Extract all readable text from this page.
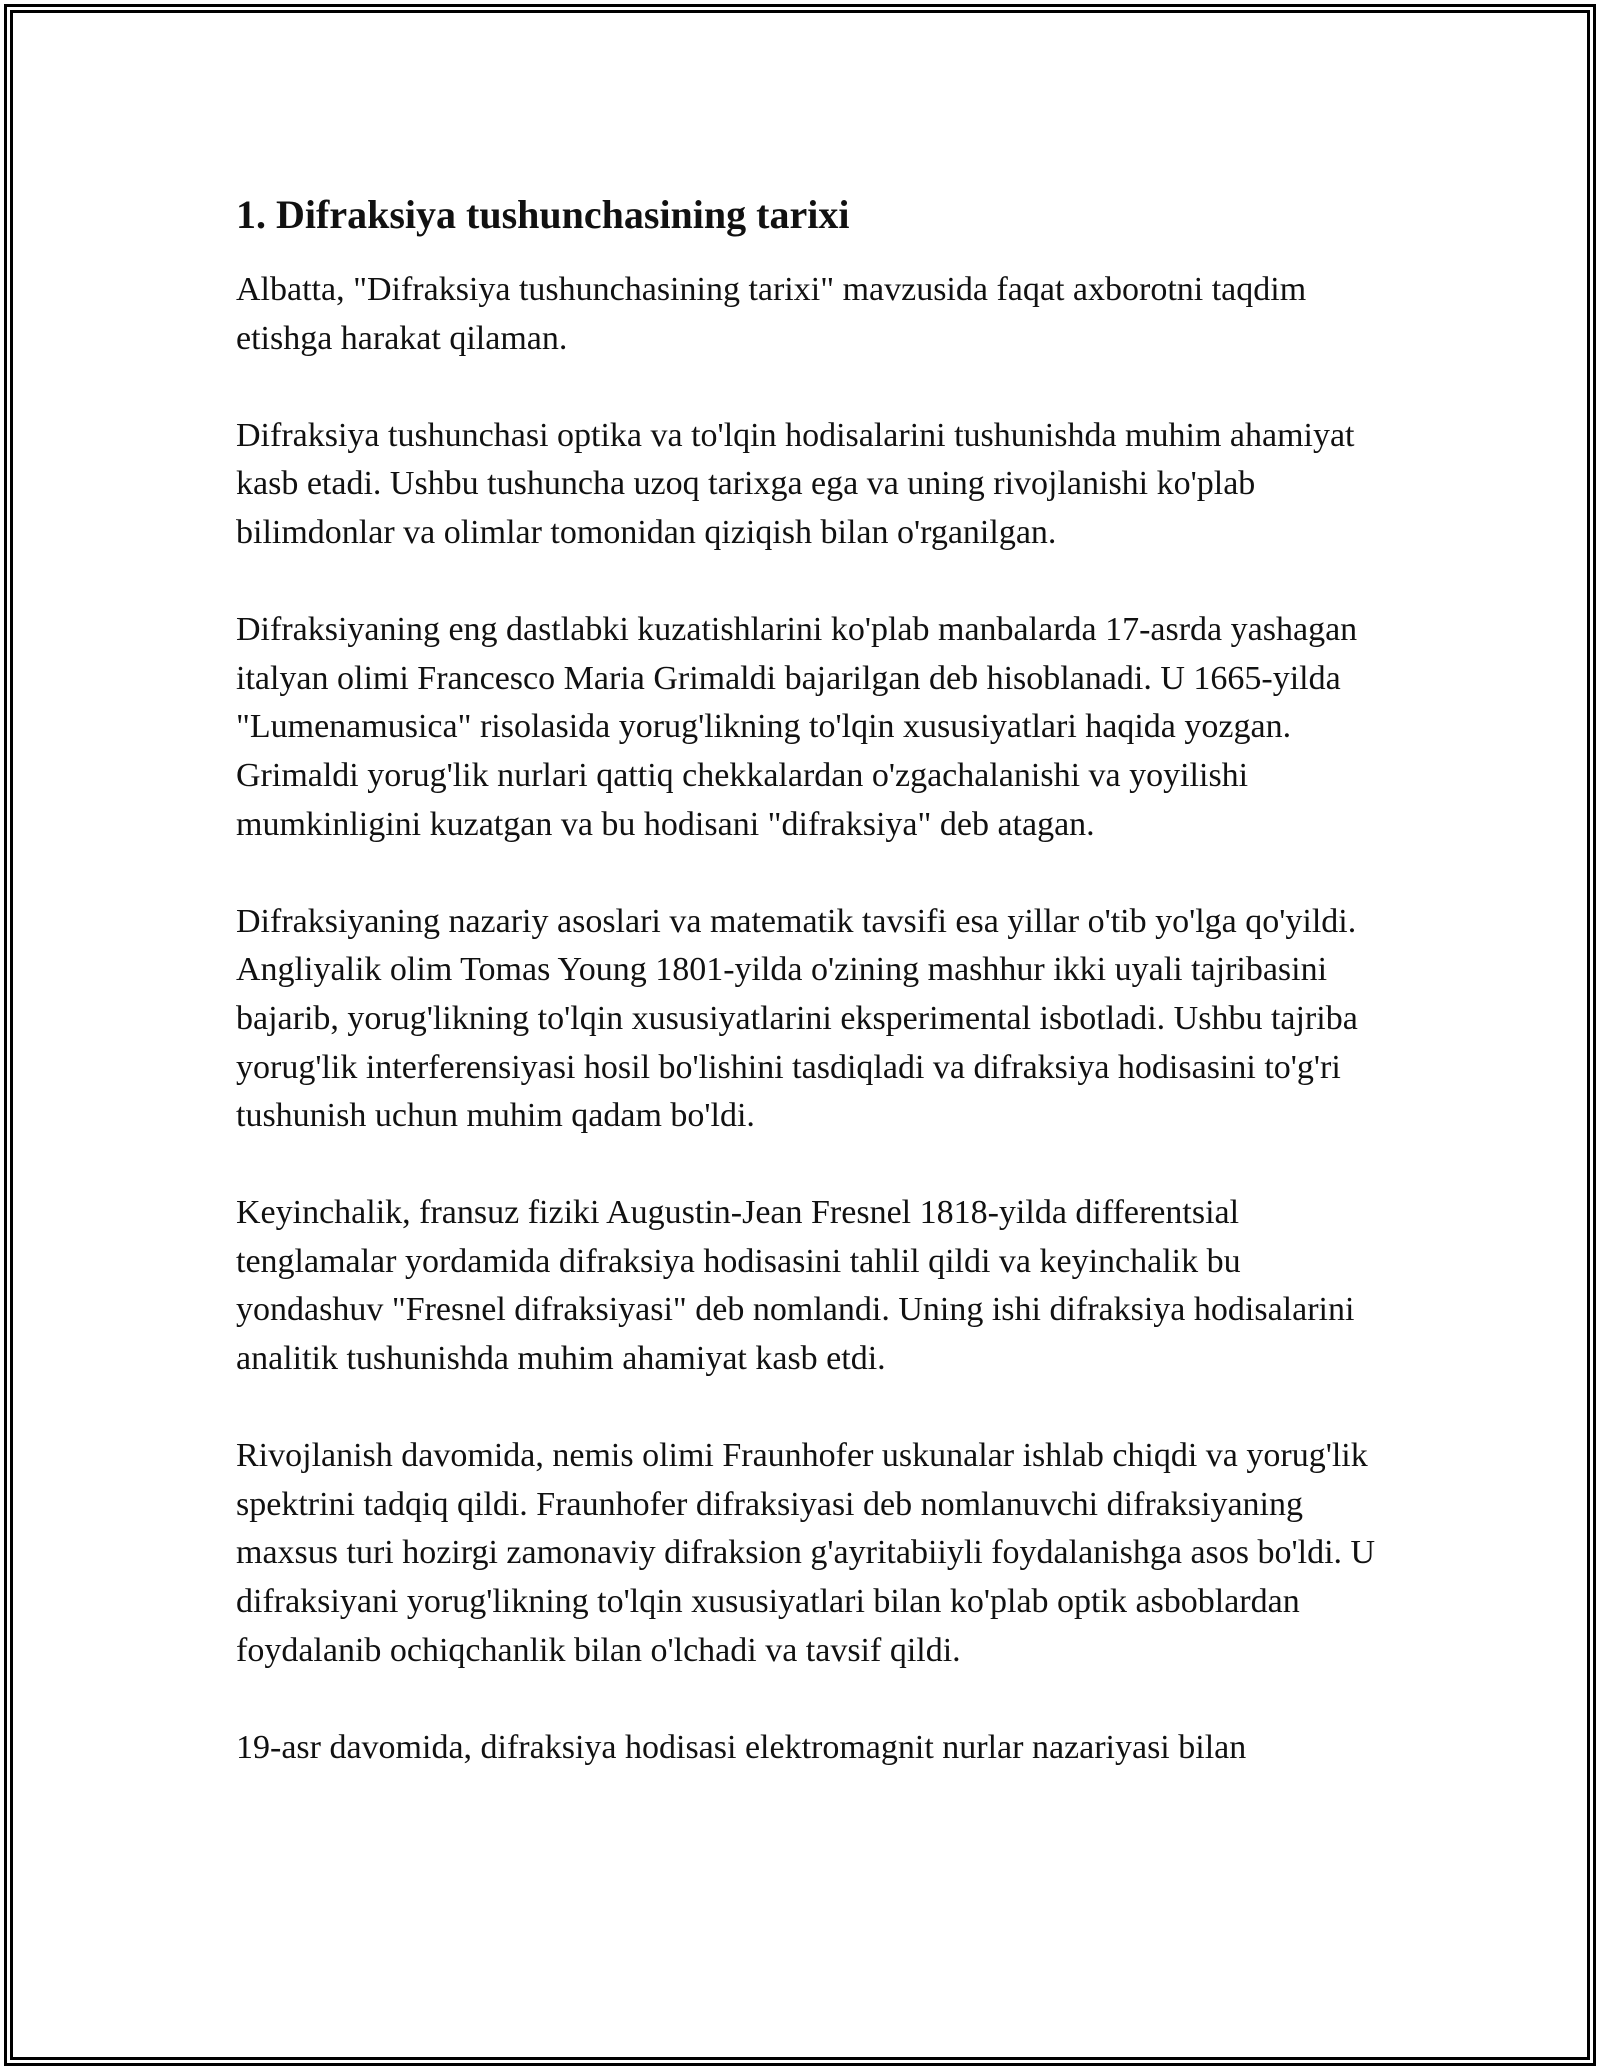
1. Difraksiya tushunchasining tarixi

Albatta, "Difraksiya tushunchasining tarixi" mavzusida faqat axborotni taqdim etishga harakat qilaman.

Difraksiya tushunchasi optika va to'lqin hodisalarini tushunishda muhim ahamiyat kasb etadi. Ushbu tushuncha uzoq tarixga ega va uning rivojlanishi ko'plab bilimdonlar va olimlar tomonidan qiziqish bilan o'rganilgan.

Difraksiyaning eng dastlabki kuzatishlarini ko'plab manbalarda 17-asrda yashagan italyan olimi Francesco Maria Grimaldi bajarilgan deb hisoblanadi. U 1665-yilda "Lumenamusica" risolasida yorug'likning to'lqin xususiyatlari haqida yozgan. Grimaldi yorug'lik nurlari qattiq chekkalardan o'zgachalanishi va yoyilishi mumkinligini kuzatgan va bu hodisani "difraksiya" deb atagan.

Difraksiyaning nazariy asoslari va matematik tavsifi esa yillar o'tib yo'lga qo'yildi. Angliyalik olim Tomas Young 1801-yilda o'zining mashhur ikki uyali tajribasini bajarib, yorug'likning to'lqin xususiyatlarini eksperimental isbotladi. Ushbu tajriba yorug'lik interferensiyasi hosil bo'lishini tasdiqladi va difraksiya hodisasini to'g'ri tushunish uchun muhim qadam bo'ldi.

Keyinchalik, fransuz fiziki Augustin-Jean Fresnel 1818-yilda differentsial tenglamalar yordamida difraksiya hodisasini tahlil qildi va keyinchalik bu yondashuv "Fresnel difraksiyasi" deb nomlandi. Uning ishi difraksiya hodisalarini analitik tushunishda muhim ahamiyat kasb etdi.

Rivojlanish davomida, nemis olimi Fraunhofer uskunalar ishlab chiqdi va yorug'lik spektrini tadqiq qildi. Fraunhofer difraksiyasi deb nomlanuvchi difraksiyaning maxsus turi hozirgi zamonaviy difraksion g'ayritabiiyli foydalanishga asos bo'ldi. U difraksiyani yorug'likning to'lqin xususiyatlari bilan ko'plab optik asboblardan foydalanib ochiqchanlik bilan o'lchadi va tavsif qildi.

19-asr davomida, difraksiya hodisasi elektromagnit nurlar nazariyasi bilan
